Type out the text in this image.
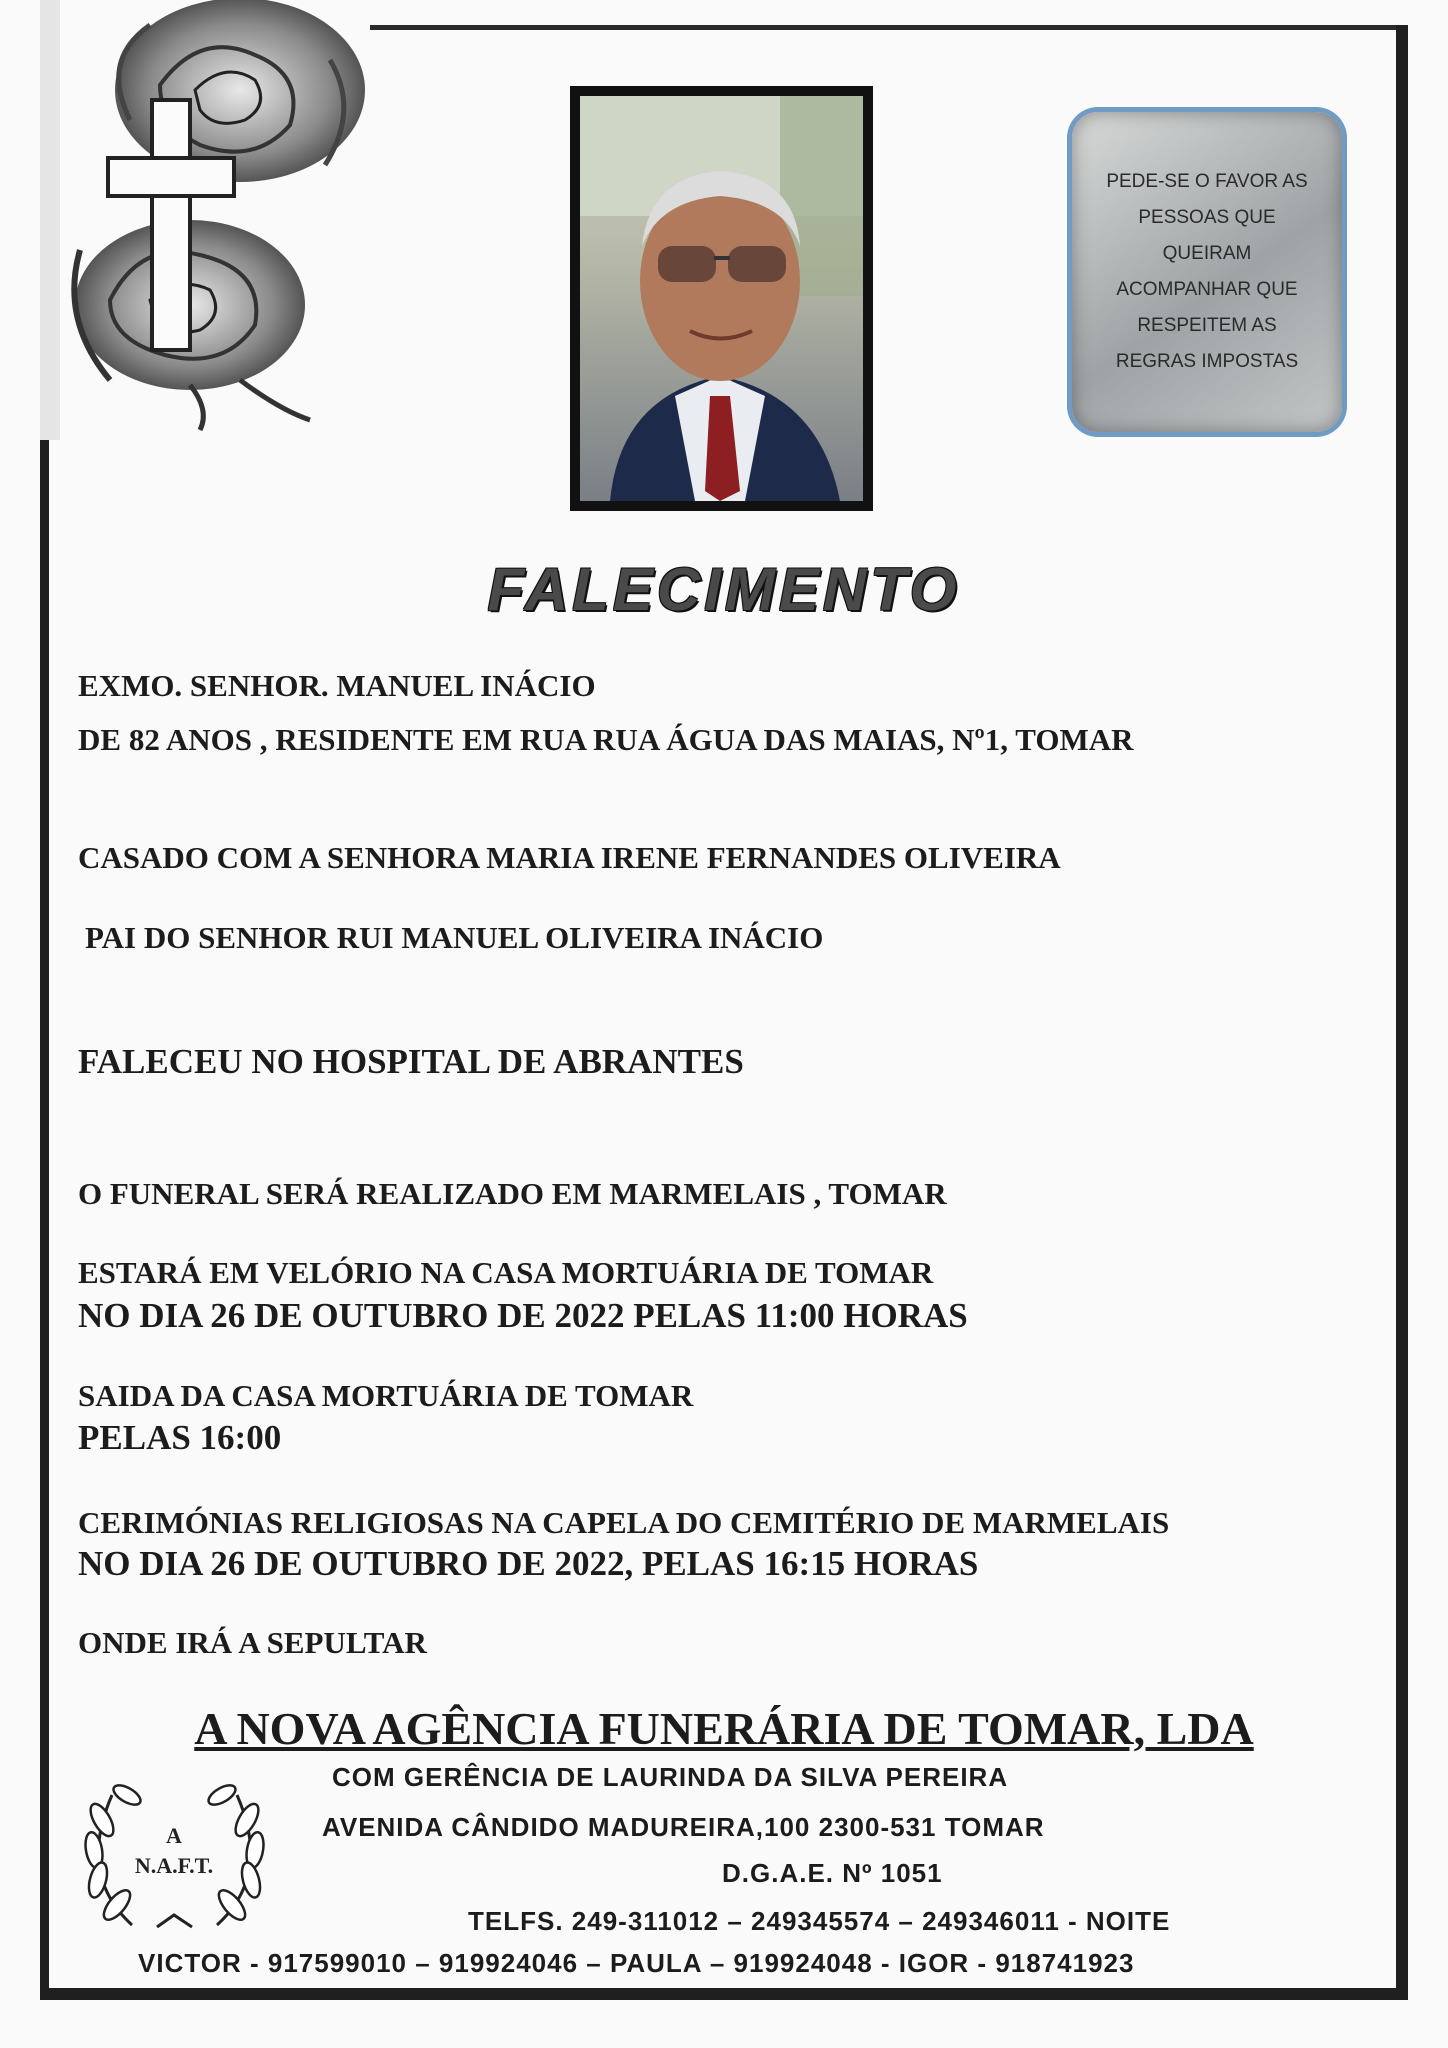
PEDE-SE O FAVOR AS
PESSOAS QUE
QUEIRAM
ACOMPANHAR QUE
RESPEITEM AS
REGRAS IMPOSTAS
FALECIMENTO
EXMO. SENHOR. MANUEL INÁCIO
DE 82 ANOS , RESIDENTE EM RUA RUA ÁGUA DAS MAIAS, Nº1, TOMAR
CASADO COM A SENHORA MARIA IRENE FERNANDES OLIVEIRA
PAI DO SENHOR RUI MANUEL OLIVEIRA INÁCIO
FALECEU NO HOSPITAL DE ABRANTES
O FUNERAL SERÁ REALIZADO EM MARMELAIS , TOMAR
ESTARÁ EM VELÓRIO NA CASA MORTUÁRIA DE TOMAR
NO DIA 26 DE OUTUBRO DE 2022 PELAS 11:00 HORAS
SAIDA DA CASA MORTUÁRIA DE TOMAR
PELAS 16:00
CERIMÓNIAS RELIGIOSAS NA CAPELA DO CEMITÉRIO DE MARMELAIS
NO DIA 26 DE OUTUBRO DE 2022, PELAS 16:15 HORAS
ONDE IRÁ A SEPULTAR
A NOVA AGÊNCIA FUNERÁRIA DE TOMAR, LDA
A
N.A.F.T.
COM GERÊNCIA DE LAURINDA DA SILVA PEREIRA
AVENIDA CÂNDIDO MADUREIRA,100 2300-531 TOMAR
D.G.A.E. Nº 1051
TELFS. 249-311012 – 249345574 – 249346011 - NOITE
VICTOR - 917599010 – 919924046 – PAULA – 919924048 - IGOR - 918741923
